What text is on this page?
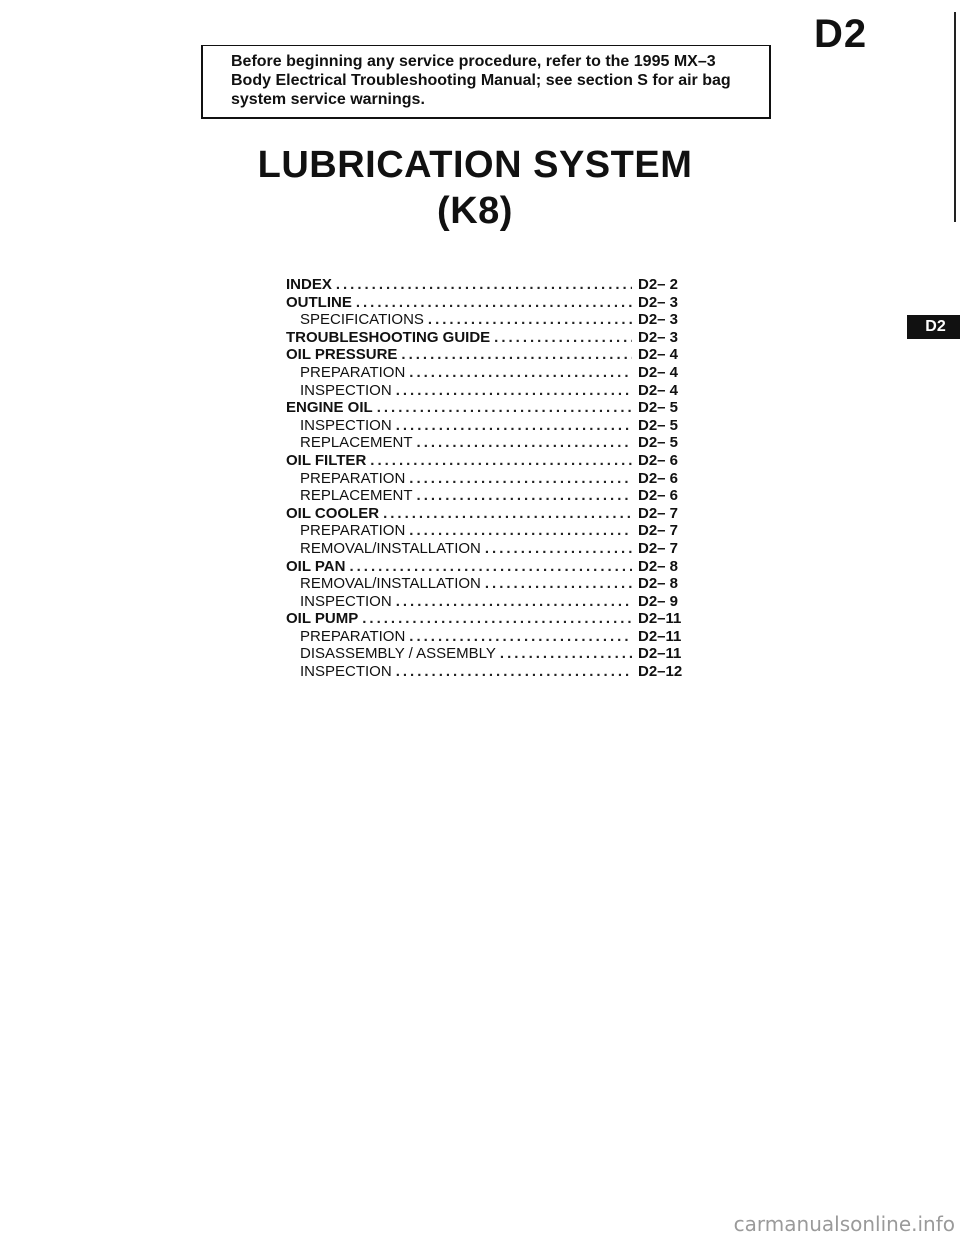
D2
Before beginning any service procedure, refer to the 1995 MX–3 Body Electrical Troubleshooting Manual; see section S for air bag system service warnings.
LUBRICATION SYSTEM
(K8)
D2
INDEX .....	D2– 2
OUTLINE .....	D2– 3
SPECIFICATIONS .....	D2– 3
TROUBLESHOOTING GUIDE .....	D2– 3
OIL PRESSURE .....	D2– 4
PREPARATION .....	D2– 4
INSPECTION .....	D2– 4
ENGINE OIL .....	D2– 5
INSPECTION .....	D2– 5
REPLACEMENT .....	D2– 5
OIL FILTER .....	D2– 6
PREPARATION .....	D2– 6
REPLACEMENT .....	D2– 6
OIL COOLER .....	D2– 7
PREPARATION .....	D2– 7
REMOVAL/INSTALLATION .....	D2– 7
OIL PAN .....	D2– 8
REMOVAL/INSTALLATION .....	D2– 8
INSPECTION .....	D2– 9
OIL PUMP .....	D2–11
PREPARATION .....	D2–11
DISASSEMBLY / ASSEMBLY .....	D2–11
INSPECTION .....	D2–12
carmanualsonline.info
